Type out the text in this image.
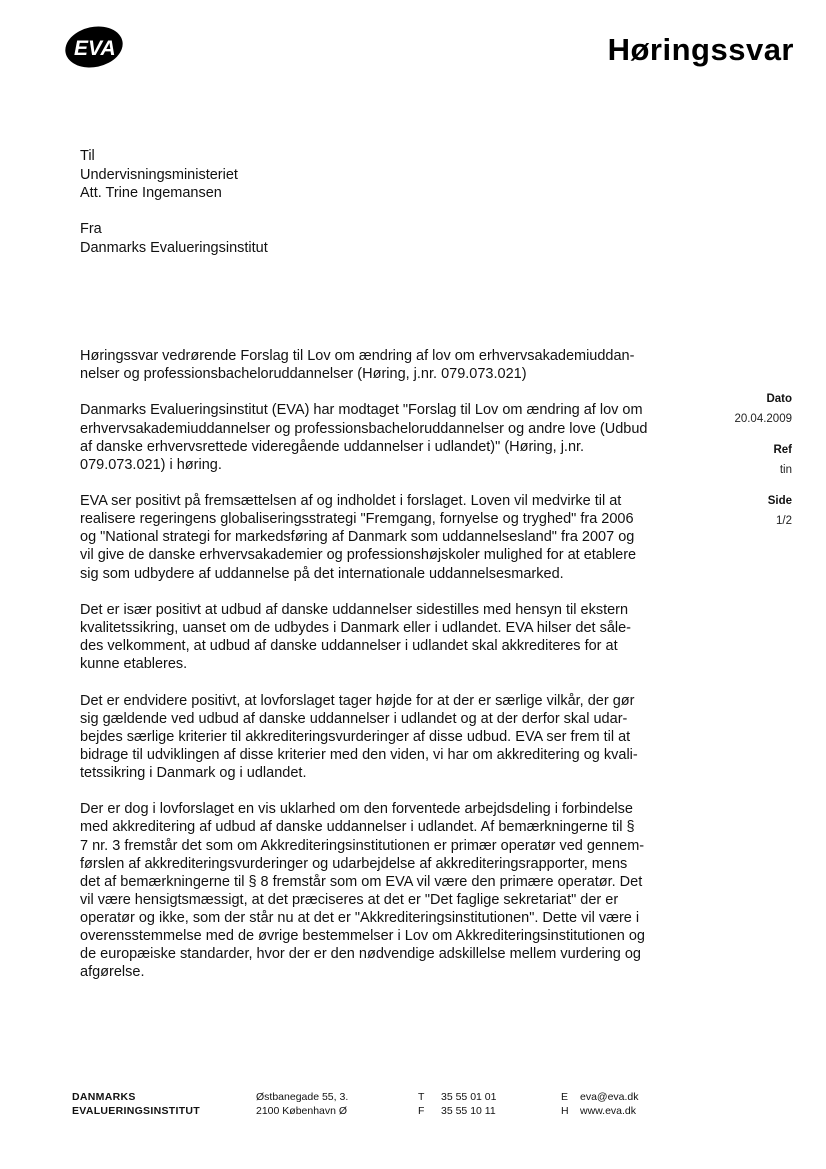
EVA	Høringssvar
Til
Undervisningsministeriet
Att. Trine Ingemansen
Fra
Danmarks Evalueringsinstitut
Dato
20.04.2009
Ref
tin
Side
1/2

Høringssvar vedrørende Forslag til Lov om ændring af lov om erhvervsakademiuddan-
nelser og professionsbacheloruddannelser (Høring, j.nr. 079.073.021)

Danmarks Evalueringsinstitut (EVA) har modtaget "Forslag til Lov om ændring af lov om
erhvervsakademiuddannelser og professionsbacheloruddannelser og andre love (Udbud
af danske erhvervsrettede videregående uddannelser i udlandet)" (Høring, j.nr.
079.073.021) i høring.

EVA ser positivt på fremsættelsen af og indholdet i forslaget. Loven vil medvirke til at
realisere regeringens globaliseringsstrategi "Fremgang, fornyelse og tryghed" fra 2006
og "National strategi for markedsføring af Danmark som uddannelsesland" fra 2007 og
vil give de danske erhvervsakademier og professionshøjskoler mulighed for at etablere
sig som udbydere af uddannelse på det internationale uddannelsesmarked.

Det er især positivt at udbud af danske uddannelser sidestilles med hensyn til ekstern
kvalitetssikring, uanset om de udbydes i Danmark eller i udlandet. EVA hilser det såle-
des velkomment, at udbud af danske uddannelser i udlandet skal akkrediteres for at
kunne etableres.

Det er endvidere positivt, at lovforslaget tager højde for at der er særlige vilkår, der gør
sig gældende ved udbud af danske uddannelser i udlandet og at der derfor skal udar-
bejdes særlige kriterier til akkrediteringsvurderinger af disse udbud. EVA ser frem til at
bidrage til udviklingen af disse kriterier med den viden, vi har om akkreditering og kvali-
tetssikring i Danmark og i udlandet.

Der er dog i lovforslaget en vis uklarhed om den forventede arbejdsdeling i forbindelse
med akkreditering af udbud af danske uddannelser i udlandet. Af bemærkningerne til §
7 nr. 3 fremstår det som om Akkrediteringsinstitutionen er primær operatør ved gennem-
førslen af akkrediteringsvurderinger og udarbejdelse af akkrediteringsrapporter, mens
det af bemærkningerne til § 8 fremstår som om EVA vil være den primære operatør. Det
vil være hensigtsmæssigt, at det præciseres at det er "Det faglige sekretariat" der er
operatør og ikke, som der står nu at det er "Akkrediteringsinstitutionen". Dette vil være i
overensstemmelse med de øvrige bestemmelser i Lov om Akkrediteringsinstitutionen og
de europæiske standarder, hvor der er den nødvendige adskillelse mellem vurdering og
afgørelse.

DANMARKS
EVALUERINGSINSTITUT
Østbanegade 55, 3.
2100 København Ø
T 35 55 01 01
F 35 55 10 11
E eva@eva.dk
H www.eva.dk
